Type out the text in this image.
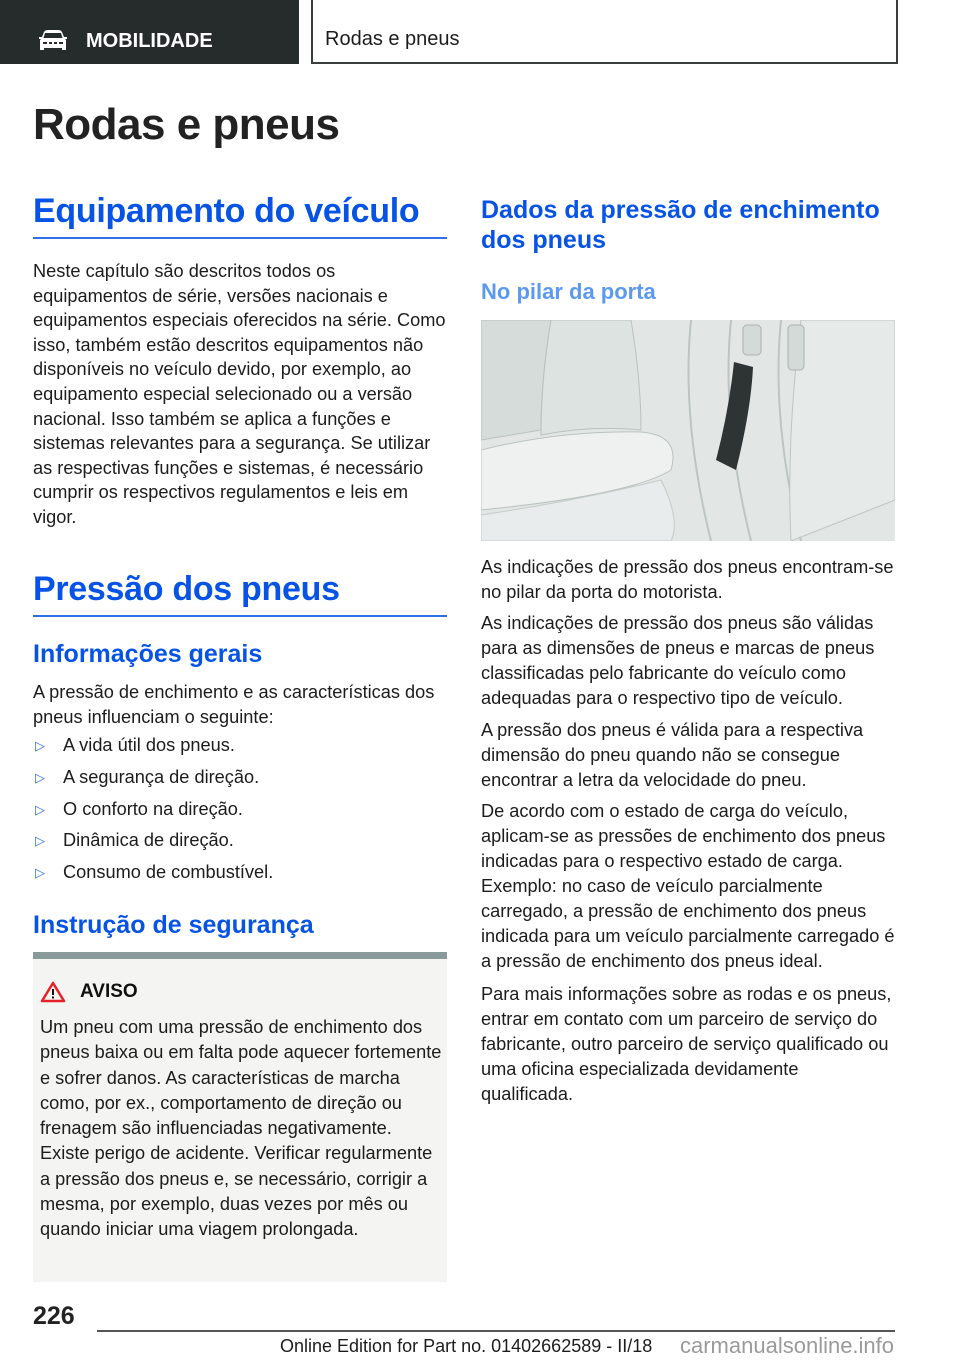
MOBILIDADE	Rodas e pneus
Rodas e pneus
Equipamento do veículo

Neste capítulo são descritos todos os equipamentos de série, versões nacionais e equipamentos especiais oferecidos na série. Como isso, também estão descritos equipamentos não disponíveis no veículo devido, por exemplo, ao equipamento especial selecionado ou a versão nacional. Isso também se aplica a funções e sistemas relevantes para a segurança. Se utilizar as respectivas funções e sistemas, é necessário cumprir os respectivos regulamentos e leis em vigor.

Pressão dos pneus
Informações gerais

A pressão de enchimento e as características dos pneus influenciam o seguinte:

▷ A vida útil dos pneus.
▷ A segurança de direção.
▷ O conforto na direção.
▷ Dinâmica de direção.
▷ Consumo de combustível.
Instrução de segurança
AVISO
Um pneu com uma pressão de enchimento dos pneus baixa ou em falta pode aquecer fortemente e sofrer danos. As características de marcha como, por ex., comportamento de direção ou frenagem são influenciadas negativamente. Existe perigo de acidente. Verificar regularmente a pressão dos pneus e, se necessário, corrigir a mesma, por exemplo, duas vezes por mês ou quando iniciar uma viagem prolongada.
Dados da pressão de enchimento dos pneus
No pilar da porta

As indicações de pressão dos pneus encontram-se no pilar da porta do motorista.

As indicações de pressão dos pneus são válidas para as dimensões de pneus e marcas de pneus classificadas pelo fabricante do veículo como adequadas para o respectivo tipo de veículo.

A pressão dos pneus é válida para a respectiva dimensão do pneu quando não se consegue encontrar a letra da velocidade do pneu.

De acordo com o estado de carga do veículo, aplicam-se as pressões de enchimento dos pneus indicadas para o respectivo estado de carga. Exemplo: no caso de veículo parcialmente carregado, a pressão de enchimento dos pneus indicada para um veículo parcialmente carregado é a pressão de enchimento dos pneus ideal.

Para mais informações sobre as rodas e os pneus, entrar em contato com um parceiro de serviço do fabricante, outro parceiro de serviço qualificado ou uma oficina especializada devidamente qualificada.

226
Online Edition for Part no. 01402662589 - II/18 carmanualsonline.info
